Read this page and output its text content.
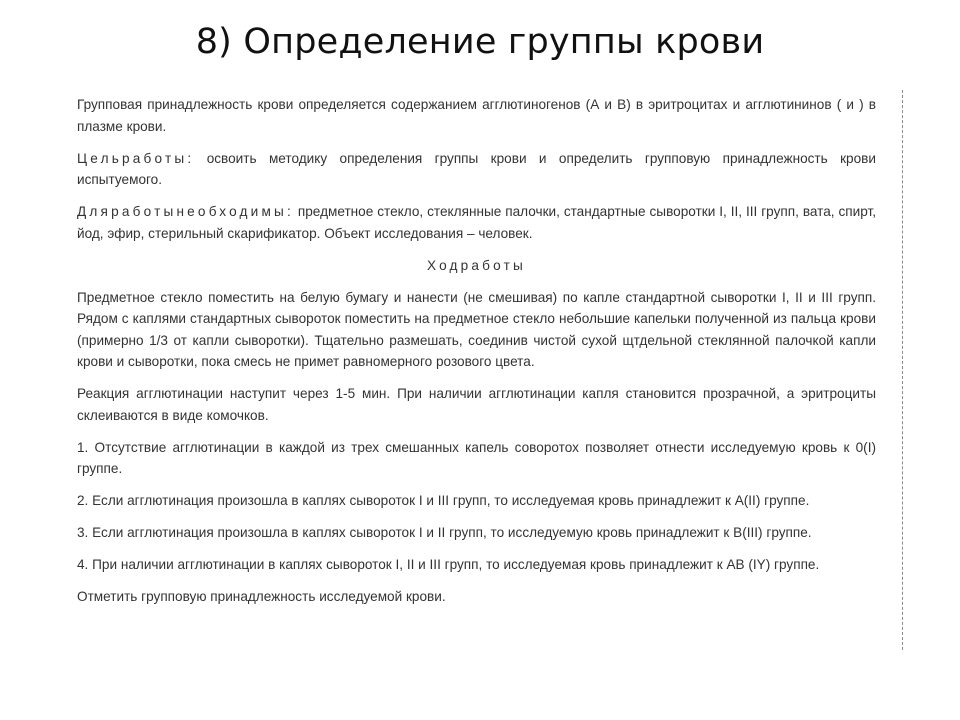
8) Определение группы крови

Групповая принадлежность крови определяется содержанием агглютиногенов (А и В) в эритроцитах и агглютининов ( и ) в плазме крови.

Цельработы: освоить методику определения группы крови и определить групповую принадлежность крови испытуемого.

Дляработынеобходимы: предметное стекло, стеклянные палочки, стандартные сыворотки I, II, III групп, вата, спирт, йод, эфир, стерильный скарификатор. Объект исследования – человек.

Ходработы

Предметное стекло поместить на белую бумагу и нанести (не смешивая) по капле стандартной сыворотки I, II и III групп. Рядом с каплями стандартных сывороток поместить на предметное стекло небольшие капельки полученной из пальца крови (примерно 1/3 от капли сыворотки). Тщательно размешать, соединив чистой сухой щтдельной стеклянной палочкой капли крови и сыворотки, пока смесь не примет равномерного розового цвета.

Реакция агглютинации наступит через 1-5 мин. При наличии агглютинации капля становится прозрачной, а эритроциты склеиваются в виде комочков.

1. Отсутствие агглютинации в каждой из трех смешанных капель соворотох позволяет отнести исследуемую кровь к 0(I) группе.

2. Если агглютинация произошла в каплях сывороток I и III групп, то исследуемая кровь принадлежит к А(II) группе.

3. Если агглютинация произошла в каплях сывороток I и II групп, то исследуемую кровь принадлежит к В(III) группе.

4. При наличии агглютинации в каплях сывороток I, II и III групп, то исследуемая кровь принадлежит к АВ (IY) группе.

Отметить групповую принадлежность исследуемой крови.
